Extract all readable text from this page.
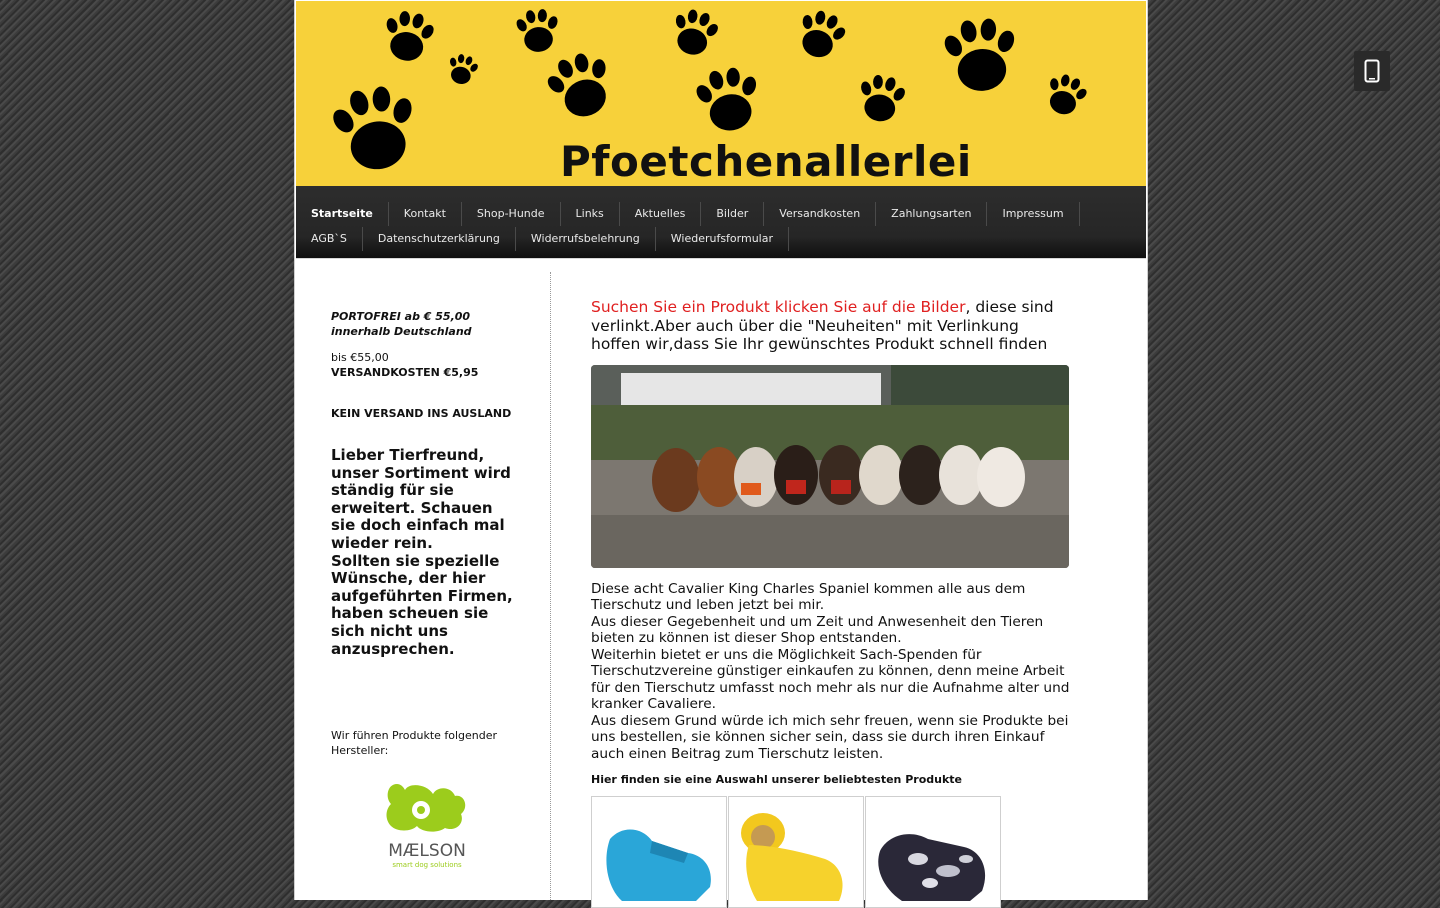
Pfoetchenallerlei
Startseite	Kontakt	Shop-Hunde	Links	Aktuelles	Bilder	Versandkosten	Zahlungsarten	Impressum
AGB`S	Datenschutzerklärung	Widerrufsbelehrung	Wiederufsformular

PORTOFREI ab € 55,00 innerhalb Deutschland

bis €55,00

VERSANDKOSTEN €5,95

KEIN VERSAND INS AUSLAND

Lieber Tierfreund, unser Sortiment wird ständig für sie erweitert. Schauen sie doch einfach mal wieder rein.

Sollten sie spezielle Wünsche, der hier aufgeführten Firmen, haben scheuen sie sich nicht uns anzusprechen.

Wir führen Produkte folgender Hersteller:

MÆLSON
smart dog solutions

Suchen Sie ein Produkt klicken Sie auf die Bilder, diese sind verlinkt.Aber auch über die "Neuheiten" mit Verlinkung hoffen wir,dass Sie Ihr gewünschtes Produkt schnell finden

Diese acht Cavalier King Charles Spaniel kommen alle aus dem Tierschutz und leben jetzt bei mir.

Aus dieser Gegebenheit und um Zeit und Anwesenheit den Tieren bieten zu können ist dieser Shop entstanden.

Weiterhin bietet er uns die Möglichkeit Sach-Spenden für Tierschutzvereine günstiger einkaufen zu können, denn meine Arbeit für den Tierschutz umfasst noch mehr als nur die Aufnahme alter und kranker Cavaliere.

Aus diesem Grund würde ich mich sehr freuen, wenn sie Produkte bei uns bestellen, sie können sicher sein, dass sie durch ihren Einkauf auch einen Beitrag zum Tierschutz leisten.

Hier finden sie eine Auswahl unserer beliebtesten Produkte
